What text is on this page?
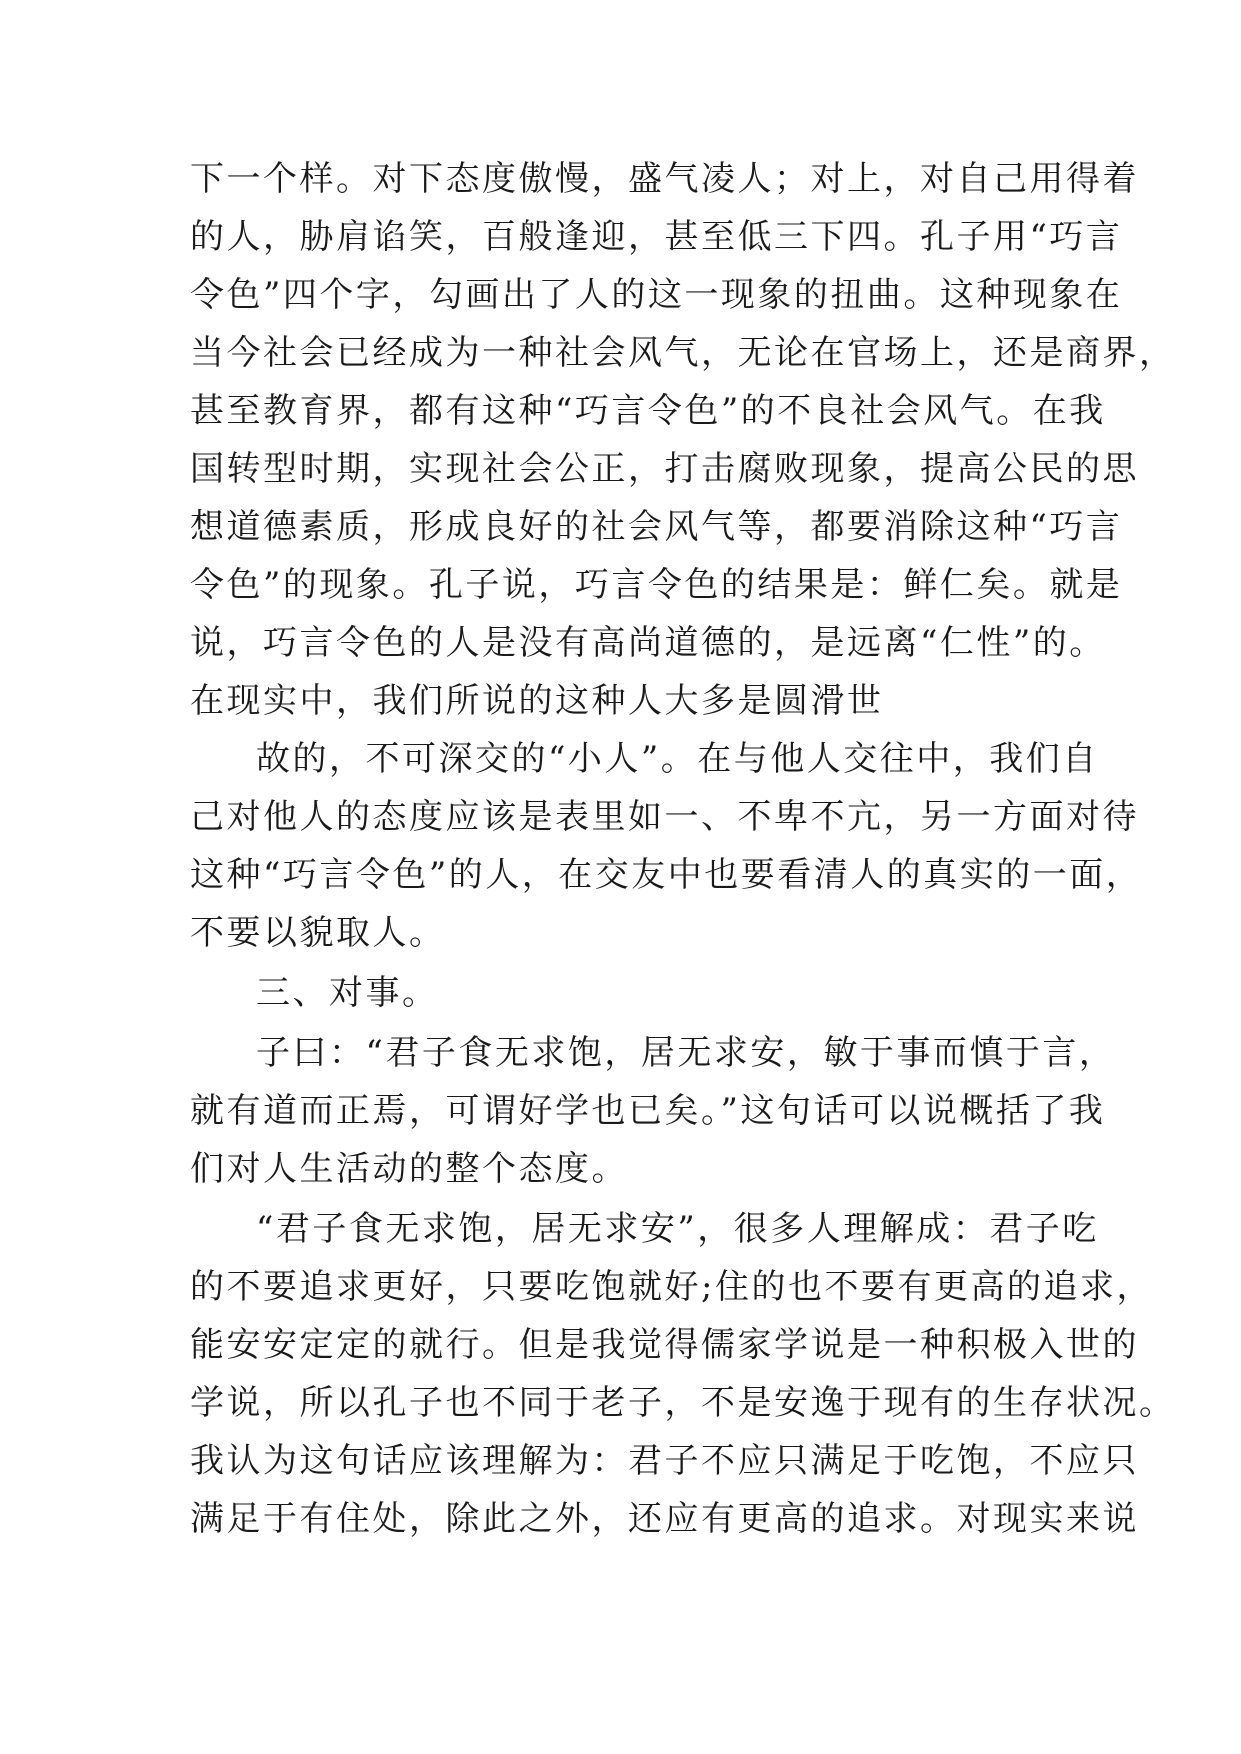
下一个样。对下态度傲慢，盛气凌人；对上，对自己用得着
的人，胁肩谄笑，百般逢迎，甚至低三下四。孔子用“巧言
令色”四个字，勾画出了人的这一现象的扭曲。这种现象在
当今社会已经成为一种社会风气，无论在官场上，还是商界，
甚至教育界，都有这种“巧言令色”的不良社会风气。在我
国转型时期，实现社会公正，打击腐败现象，提高公民的思
想道德素质，形成良好的社会风气等，都要消除这种“巧言
令色”的现象。孔子说，巧言令色的结果是：鲜仁矣。就是
说，巧言令色的人是没有高尚道德的，是远离“仁性”的。
在现实中，我们所说的这种人大多是圆滑世
故的，不可深交的“小人”。在与他人交往中，我们自
己对他人的态度应该是表里如一、不卑不亢，另一方面对待
这种“巧言令色”的人，在交友中也要看清人的真实的一面，
不要以貌取人。
三、对事。
子曰：“君子食无求饱，居无求安，敏于事而慎于言，
就有道而正焉，可谓好学也已矣。”这句话可以说概括了我
们对人生活动的整个态度。
“君子食无求饱，居无求安”，很多人理解成：君子吃
的不要追求更好，只要吃饱就好;住的也不要有更高的追求，
能安安定定的就行。但是我觉得儒家学说是一种积极入世的
学说，所以孔子也不同于老子，不是安逸于现有的生存状况。
我认为这句话应该理解为：君子不应只满足于吃饱，不应只
满足于有住处，除此之外，还应有更高的追求。对现实来说
